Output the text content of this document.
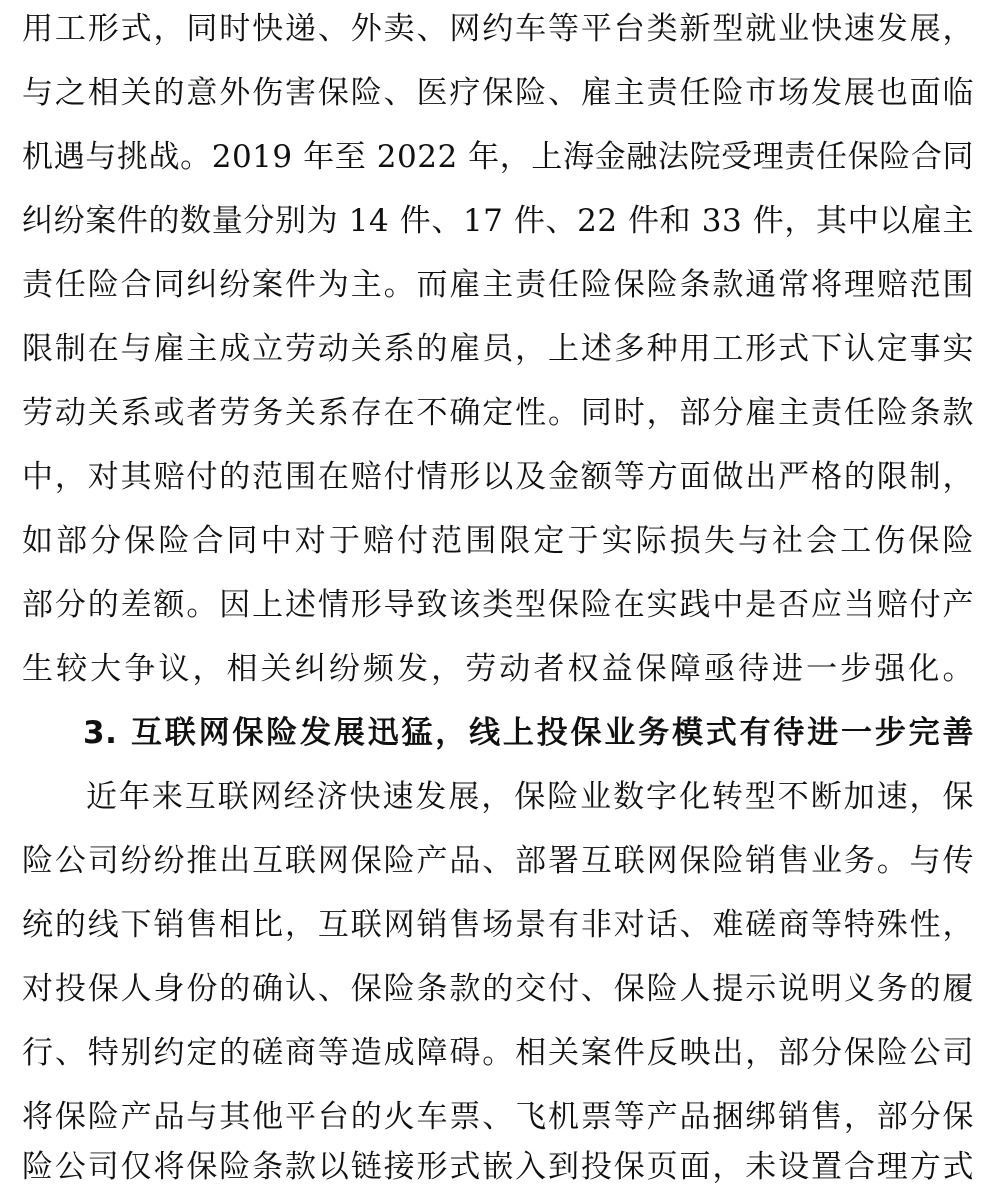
用工形式，同时快递、外卖、网约车等平台类新型就业快速发展，
与之相关的意外伤害保险、医疗保险、雇主责任险市场发展也面临
机遇与挑战。2019 年至 2022 年，上海金融法院受理责任保险合同
纠纷案件的数量分别为 14 件、17 件、22 件和 33 件，其中以雇主
责任险合同纠纷案件为主。而雇主责任险保险条款通常将理赔范围
限制在与雇主成立劳动关系的雇员，上述多种用工形式下认定事实
劳动关系或者劳务关系存在不确定性。同时，部分雇主责任险条款
中，对其赔付的范围在赔付情形以及金额等方面做出严格的限制，
如部分保险合同中对于赔付范围限定于实际损失与社会工伤保险
部分的差额。因上述情形导致该类型保险在实践中是否应当赔付产
生较大争议，相关纠纷频发，劳动者权益保障亟待进一步强化。
3. 互联网保险发展迅猛，线上投保业务模式有待进一步完善
近年来互联网经济快速发展，保险业数字化转型不断加速，保
险公司纷纷推出互联网保险产品、部署互联网保险销售业务。与传
统的线下销售相比，互联网销售场景有非对话、难磋商等特殊性，
对投保人身份的确认、保险条款的交付、保险人提示说明义务的履
行、特别约定的磋商等造成障碍。相关案件反映出，部分保险公司
将保险产品与其他平台的火车票、飞机票等产品捆绑销售，部分保
险公司仅将保险条款以链接形式嵌入到投保页面，未设置合理方式
